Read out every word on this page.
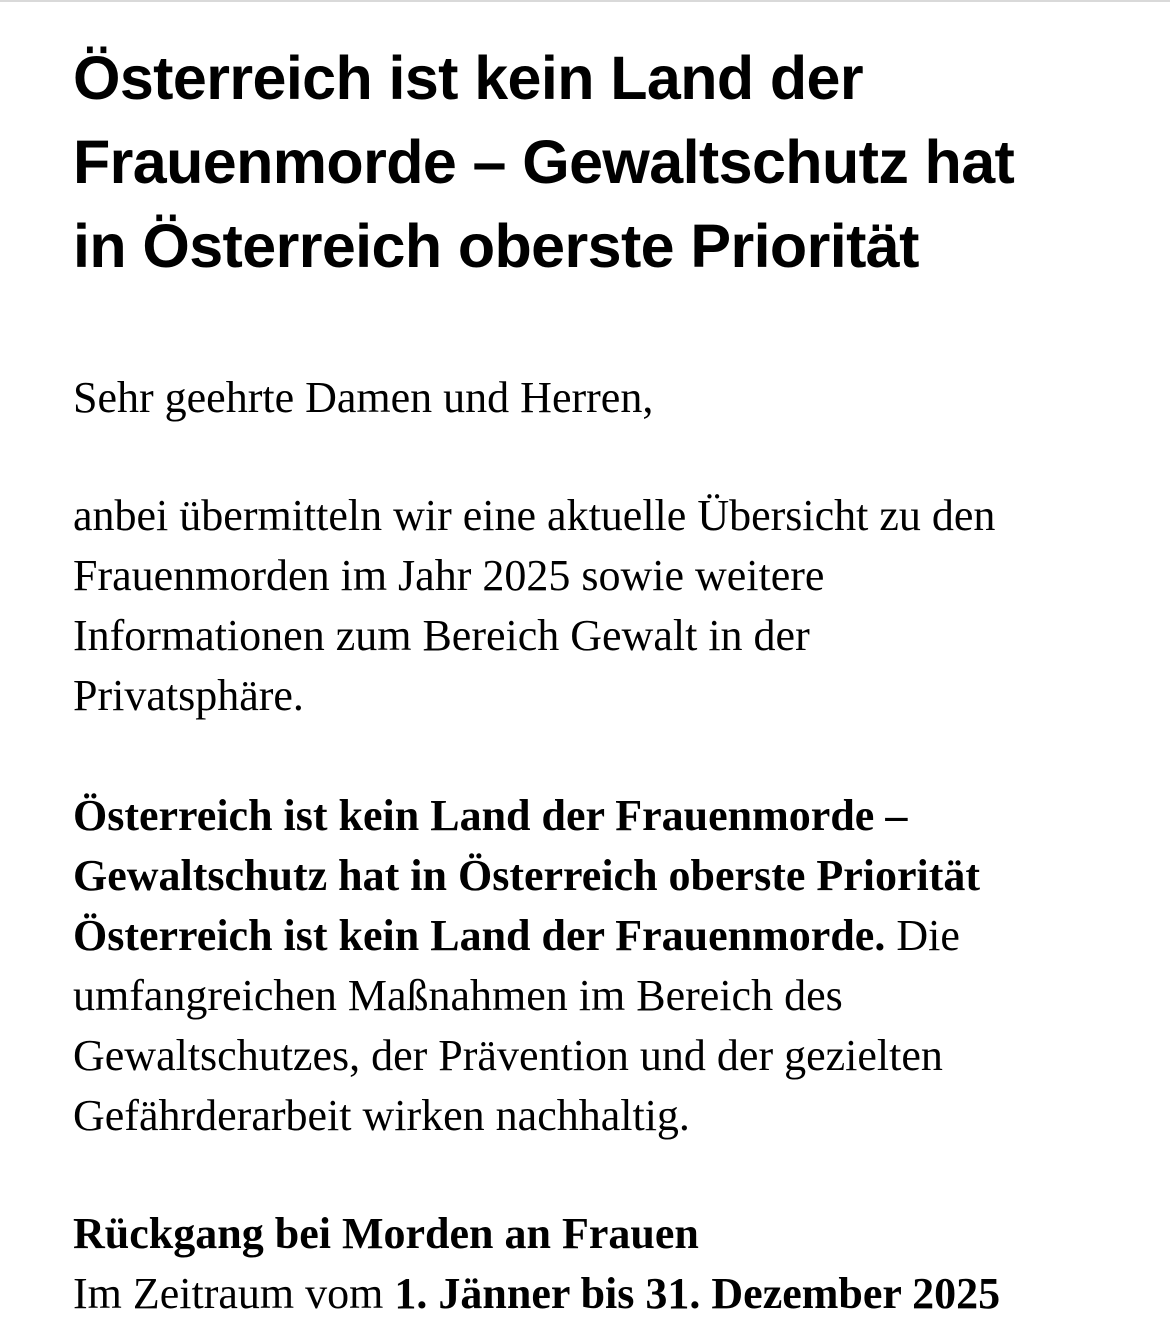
Österreich ist kein Land der
Frauenmorde – Gewaltschutz hat
in Österreich oberste Priorität

Sehr geehrte Damen und Herren,

anbei übermitteln wir eine aktuelle Übersicht zu den
Frauenmorden im Jahr 2025 sowie weitere
Informationen zum Bereich Gewalt in der
Privatsphäre.

Österreich ist kein Land der Frauenmorde –
Gewaltschutz hat in Österreich oberste Priorität
Österreich ist kein Land der Frauenmorde. Die
umfangreichen Maßnahmen im Bereich des
Gewaltschutzes, der Prävention und der gezielten
Gefährderarbeit wirken nachhaltig.

Rückgang bei Morden an Frauen
Im Zeitraum vom 1. Jänner bis 31. Dezember 2025
